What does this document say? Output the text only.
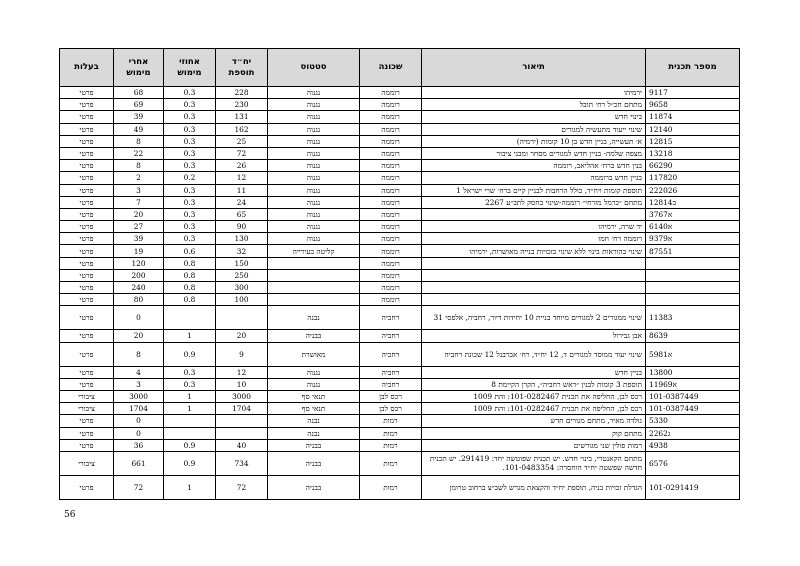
מספר תכנית	תיאור	שכונה	סטטוס	יח״ד תוספת	אחוזי מימוש	אחרי מימוש	בעלות
9117	ירמיהו	רוממה	נגנוה	228	0.3	68	פרטי
9658	מתחם חכ״ל רח׳ תובל	רוממה	נגנוה	230	0.3	69	פרטי
11874	בינוי חדש	רוממה	נגנוה	131	0.3	39	פרטי
12140	שינוי ייעוד מתעשיה למגורים	רוממה	נגנוה	162	0.3	49	פרטי
12815	א׳ תעשייה, בניין חדש בן 10 קומות (ירמיה)	רוממה	נגנוה	25	0.3	8	פרטי
13218	מצפה שלמה- בניין חדש למגורים מסחר ומבני ציבור	רוממה	נגנוה	72	0.3	22	פרטי
66290	בנין חדש ברח׳ אהליאב, רוממה	רוממה	נגנוה	26	0.3	8	פרטי
117820	בניין חדש ברוממה	רוממה	נגנוה	12	0.2	2	פרטי
222026	תוספת קומות ויח״ד, כולל הרחבות לבניין קיים ברח׳ שרי ישראל 1	רוממה	נגנוה	11	0.3	3	פרטי
12814ב	מתחם ״כרמל מזרחי״ רוממה-שינוי בחסק לתב״ע 2267	רוממה	נגנוה	24	0.3	7	פרטי
3767א		רוממה	נגנוה	65	0.3	20	פרטי
6140א	יד שרה, ירמיהו	רוממה	נגנוה	90	0.3	27	פרטי
9379א	רוממה רח׳ חמו	רוממה	נגנוה	130	0.3	39	פרטי
87551	שינוי בהוראות בינוי ללא שינוי בזכויות בנייה מאושרות, ירמיהו	רוממה	קליטה בעירייה	32	0.6	19	פרטי
		רוממה		150	0.8	120	פרטי
		רוממה		250	0.8	200	פרטי
		רוממה		300	0.8	240	פרטי
		רוממה		100	0.8	80	פרטי
11383	שינוי ממגורים 2 למגורים מיוחד בניית 10 יחידות דיור, רחביה, אלפסי 31	רחביה	נבנה			0	פרטי
8639	אבן גבירול	רחביה	בבניה	20	1	20	פרטי
5981א	שינוי יעוד ממוסד למגורים ד, 12 יח״ד, רח׳ אברבנל 12 שכונת רחביה	רחביה	מאושרת	9	0.9	8	פרטי
13800	בניין חדש	רחביה	נגנוה	12	0.3	4	פרטי
11969א	תוספת 3 קומות לבנין ״ראש רחביה״, הקרן הקיימת 8	רחביה	נגנוה	10	0.3	3	פרטי
101-0387449	רכס לבן, החליפה את תכנית 101-0282467: והת 1009	רכס לבן	תנאי סף	3000	1	3000	ציבורי
101-0387449	רכס לבן, החליפה את תכנית 101-0282467: והת 1009	רכס לבן	תנאי סף	1704	1	1704	ציבורי
5330	גולדה מאיר, מתחם מגורים חדש	רמות	נבנה			0	פרטי
2262ג	מתחם קוק	רמות	נבנה			0	פרטי
4938	רמות פולין שני מגורשים	רמות	בבניה	40	0.9	36	פרטי
6576	מתחם הקאנטרי, בינוי חדש. יש תכנית שפוטשה יחד: 291419. יש תכנית חדשה שפשטה יח״ד הוחסרה: 101-0483354.	רמות	בבניה	734	0.9	661	ציבורי
101-0291419	הגדלת זכויות בניה, תוספת יח״ד והקצאת מגרש לשב״צ ברחוב טרומן	רמות	בבניה	72	1	72	פרטי
56
